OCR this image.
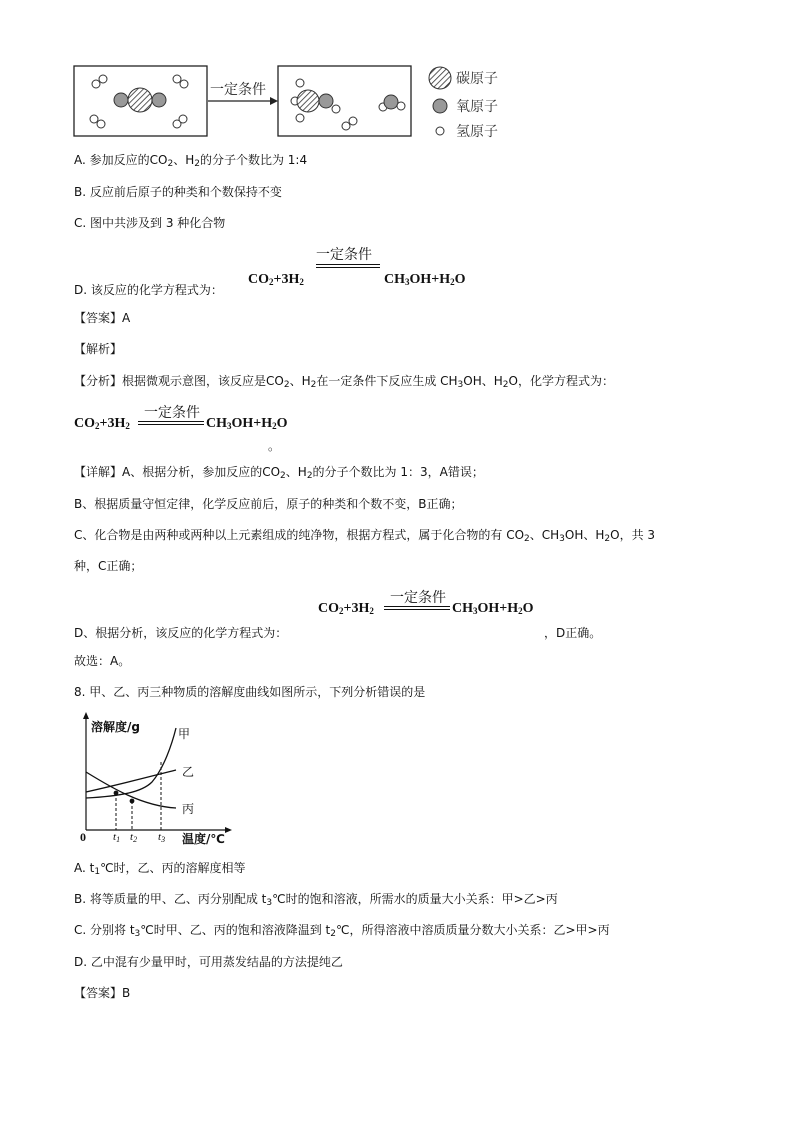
一定条件
碳原子
氧原子
氢原子
A. 参加反应的$CO_2$、$H_2$的分子个数比为 1:4
B. 反应前后原子的种类和个数保持不变
C. 图中共涉及到 3 种化合物
D. 该反应的化学方程式为：
一定条件
$CO_2+3H_2$	$CH_3OH+H_2O$
【答案】A
【解析】
【分析】根据微观示意图，该反应是$CO_2$、$H_2$在一定条件下反应生成 $CH_3OH$、$H_2O$，化学方程式为：
一定条件
$CO_2+3H_2$	$CH_3OH+H_2O$
。
【详解】A、根据分析，参加反应的$CO_2$、$H_2$的分子个数比为 1：3，A错误；
B、根据质量守恒定律，化学反应前后，原子的种类和个数不变，B正确；
C、化合物是由两种或两种以上元素组成的纯净物，根据方程式，属于化合物的有 $CO_2$、$CH_3OH$、$H_2O$，共 3
种，C正确；
一定条件
$CO_2+3H_2$	$CH_3OH+H_2O$
D、根据分析，该反应的化学方程式为：	，D正确。
故选：A。
8. 甲、乙、丙三种物质的溶解度曲线如图所示，下列分析错误的是
溶解度/g
0	温度/℃
甲
乙
丙
t1 t2 t3
A. $t_1℃$时，乙、丙的溶解度相等
B. 将等质量的甲、乙、丙分别配成 $t_3℃$时的饱和溶液，所需水的质量大小关系：甲>乙>丙
C. 分别将 $t_3℃$时甲、乙、丙的饱和溶液降温到 $t_2℃$，所得溶液中溶质质量分数大小关系：乙>甲>丙
D. 乙中混有少量甲时，可用蒸发结晶的方法提纯乙
【答案】B
